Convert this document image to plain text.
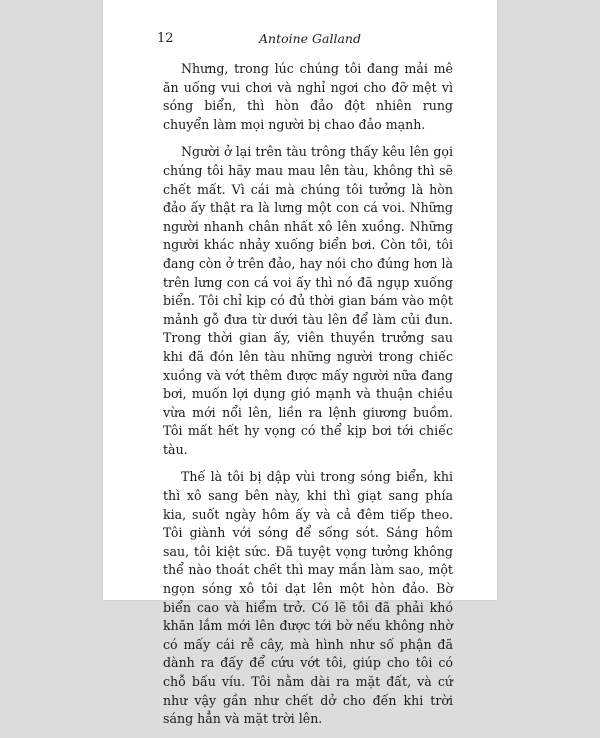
12	Antoine Galland

Nhưng, trong lúc chúng tôi đang mải mê ăn uống vui chơi và nghỉ ngơi cho đỡ mệt vì sóng biển, thì hòn đảo đột nhiên rung chuyển làm mọi người bị chao đảo mạnh.

Người ở lại trên tàu trông thấy kêu lên gọi chúng tôi hãy mau mau lên tàu, không thì sẽ chết mất. Vì cái mà chúng tôi tưởng là hòn đảo ấy thật ra là lưng một con cá voi. Những người nhanh chân nhất xô lên xuồng. Những người khác nhảy xuống biển bơi. Còn tôi, tôi đang còn ở trên đảo, hay nói cho đúng hơn là trên lưng con cá voi ấy thì nó đã ngụp xuống biển. Tôi chỉ kịp có đủ thời gian bám vào một mảnh gỗ đưa từ dưới tàu lên để làm củi đun. Trong thời gian ấy, viên thuyền trưởng sau khi đã đón lên tàu những người trong chiếc xuồng và vớt thêm được mấy người nữa đang bơi, muốn lợi dụng gió mạnh và thuận chiều vừa mới nổi lên, liền ra lệnh giương buồm. Tôi mất hết hy vọng có thể kịp bơi tới chiếc tàu.

Thế là tôi bị dập vùi trong sóng biển, khi thì xô sang bên này, khi thì giạt sang phía kia, suốt ngày hôm ấy và cả đêm tiếp theo. Tôi giành với sóng để sống sót. Sáng hôm sau, tôi kiệt sức. Đã tuyệt vọng tưởng không thể nào thoát chết thì may mắn làm sao, một ngọn sóng xô tôi dạt lên một hòn đảo. Bờ biển cao và hiểm trở. Có lẽ tôi đã phải khó khăn lắm mới lên được tới bờ nếu không nhờ có mấy cái rễ cây, mà hình như số phận đã dành ra đấy để cứu vớt tôi, giúp cho tôi có chỗ bấu víu. Tôi nằm dài ra mặt đất, và cứ như vậy gần như chết dở cho đến khi trời sáng hẳn và mặt trời lên.
